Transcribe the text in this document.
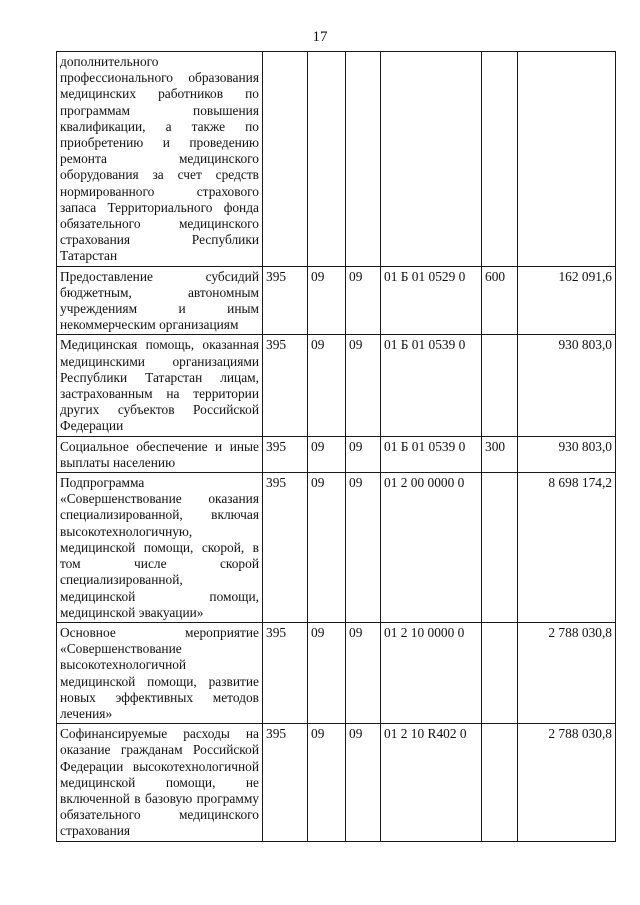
17
дополнительного профессионального образования медицинских работников по программам повышения квалификации, а также по приобретению и проведению ремонта медицинского оборудования за счет средств нормированного страхового запаса Территориального фонда обязательного медицинского страхования Республики Татарстан						
Предоставление субсидий бюджетным, автономным учреждениям и иным некоммерческим организациям	395	09	09	01 Б 01 0529 0	600	162 091,6
Медицинская помощь, оказанная медицинскими организациями Республики Татарстан лицам, застрахованным на территории других субъектов Российской Федерации	395	09	09	01 Б 01 0539 0		930 803,0
Социальное обеспечение и иные выплаты населению	395	09	09	01 Б 01 0539 0	300	930 803,0
Подпрограмма «Совершенствование оказания специализированной, включая высокотехнологичную, медицинской помощи, скорой, в том числе скорой специализированной, медицинской помощи, медицинской эвакуации»	395	09	09	01 2 00 0000 0		8 698 174,2
Основное мероприятие «Совершенствование высокотехнологичной медицинской помощи, развитие новых эффективных методов лечения»	395	09	09	01 2 10 0000 0		2 788 030,8
Софинансируемые расходы на оказание гражданам Российской Федерации высокотехнологичной медицинской помощи, не включенной в базовую программу обязательного медицинского страхования	395	09	09	01 2 10 R402 0		2 788 030,8
